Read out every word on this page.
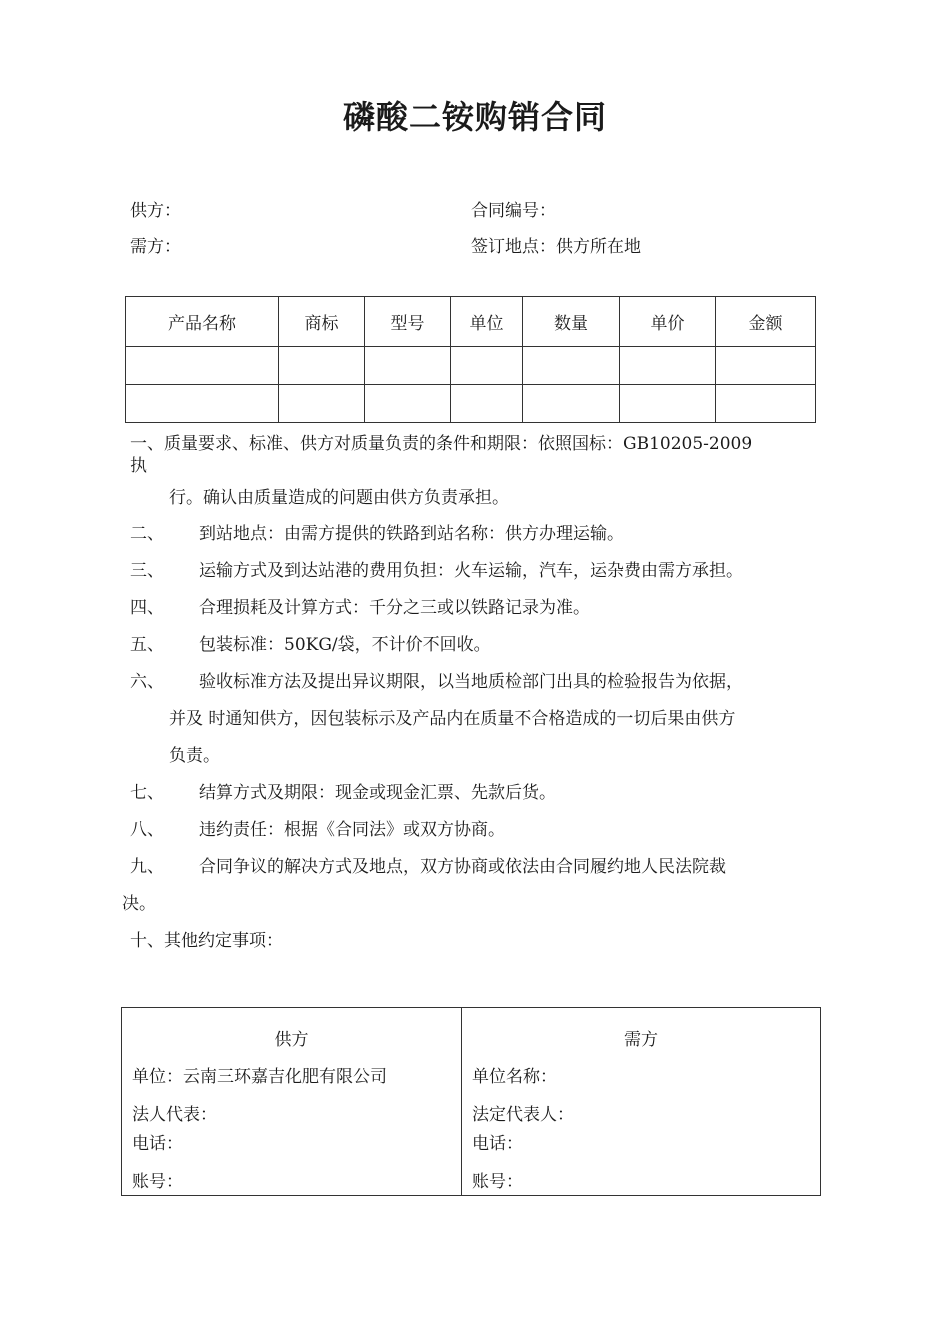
磷酸二铵购销合同
供方：	合同编号：
需方：	签订地点：供方所在地
产品名称	商标	型号	单位	数量	单价	金额

一、质量要求、标准、供方对质量负责的条件和期限：依照国标：GB10205-2009
执
行。确认由质量造成的问题由供方负责承担。
二、 到站地点：由需方提供的铁路到站名称：供方办理运输。
三、 运输方式及到达站港的费用负担：火车运输，汽车，运杂费由需方承担。
四、 合理损耗及计算方式：千分之三或以铁路记录为准。
五、 包装标准：50KG/袋，不计价不回收。
六、 验收标准方法及提出异议期限，以当地质检部门出具的检验报告为依据，
并及 时通知供方，因包装标示及产品内在质量不合格造成的一切后果由供方
负责。
七、 结算方式及期限：现金或现金汇票、先款后货。
八、 违约责任：根据《合同法》或双方协商。
九、 合同争议的解决方式及地点，双方协商或依法由合同履约地人民法院裁
决。
十、其他约定事项：
供方
单位：云南三环嘉吉化肥有限公司
法人代表：
电话：
账号：

需方
单位名称：
法定代表人：
电话：
账号：
